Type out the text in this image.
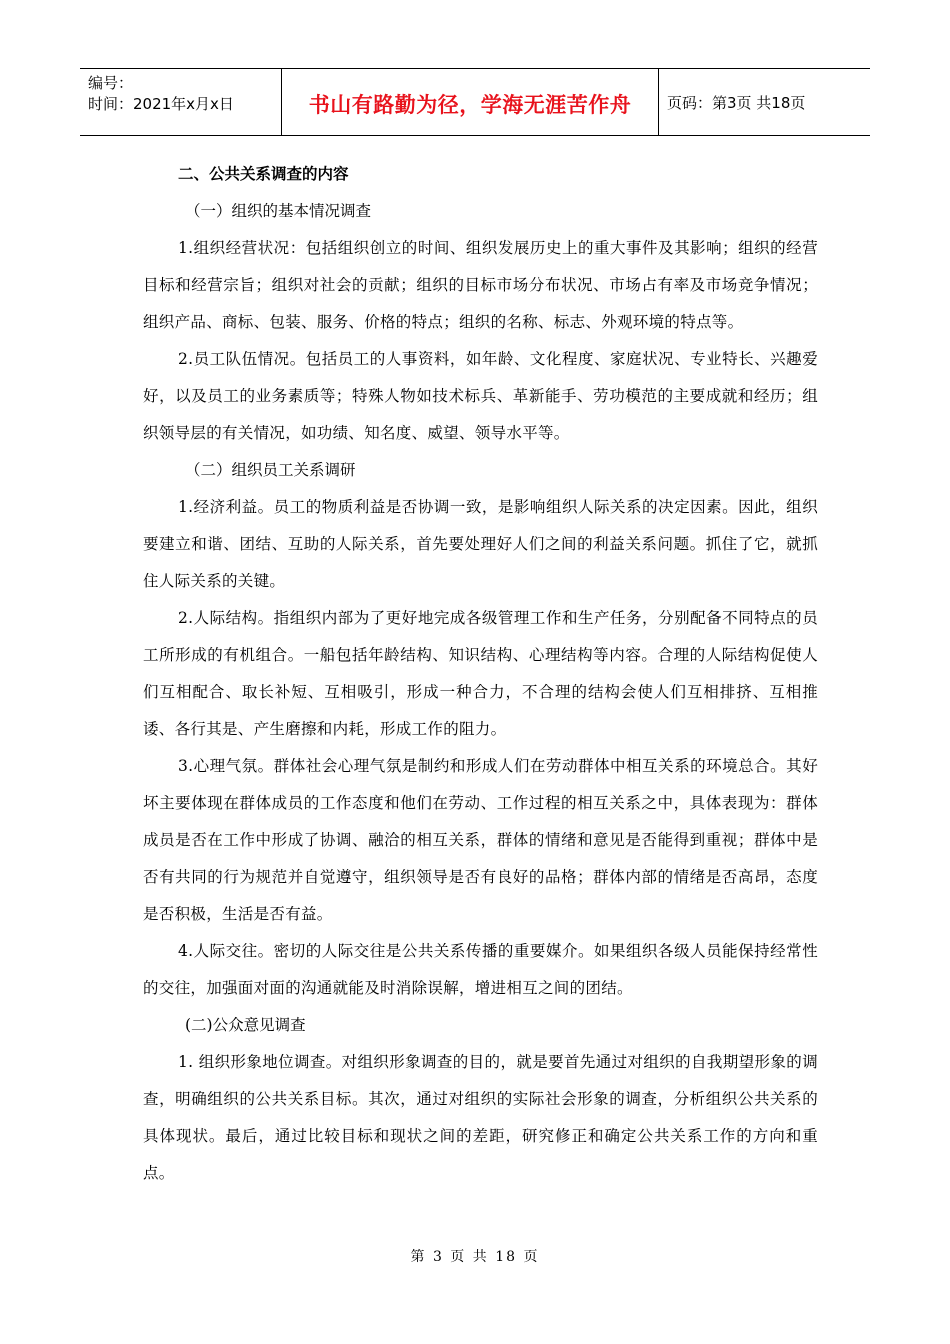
编号：
时间：2021年x月x日	书山有路勤为径，学海无涯苦作舟 页码：第3页 共18页
二、公共关系调查的内容
（一）组织的基本情况调查
1.组织经营状况：包括组织创立的时间、组织发展历史上的重大事件及其影响；组织的经营目标和经营宗旨；组织对社会的贡献；组织的目标市场分布状况、市场占有率及市场竞争情况；组织产品、商标、包装、服务、价格的特点；组织的名称、标志、外观环境的特点等。
2.员工队伍情况。包括员工的人事资料，如年龄、文化程度、家庭状况、专业特长、兴趣爱好，以及员工的业务素质等；特殊人物如技术标兵、革新能手、劳功模范的主要成就和经历；组织领导层的有关情况，如功绩、知名度、威望、领导水平等。
（二）组织员工关系调研
1.经济利益。员工的物质利益是否协调一致，是影响组织人际关系的决定因素。因此，组织要建立和谐、团结、互助的人际关系，首先要处理好人们之间的利益关系问题。抓住了它，就抓住人际关系的关键。
2.人际结构。指组织内部为了更好地完成各级管理工作和生产任务，分别配备不同特点的员工所形成的有机组合。一船包括年龄结构、知识结构、心理结构等内容。合理的人际结构促使人们互相配合、取长补短、互相吸引，形成一种合力，不合理的结构会使人们互相排挤、互相推诿、各行其是、产生磨擦和内耗，形成工作的阻力。
3.心理气氛。群体社会心理气氛是制约和形成人们在劳动群体中相互关系的环境总合。其好坏主要体现在群体成员的工作态度和他们在劳动、工作过程的相互关系之中，具体表现为：群体成员是否在工作中形成了协调、融洽的相互关系，群体的情绪和意见是否能得到重视；群体中是否有共同的行为规范并自觉遵守，组织领导是否有良好的品格；群体内部的情绪是否高昂，态度是否积极，生活是否有益。
4.人际交往。密切的人际交往是公共关系传播的重要媒介。如果组织各级人员能保持经常性的交往，加强面对面的沟通就能及时消除误解，增进相互之间的团结。
(二)公众意见调查
1. 组织形象地位调查。对组织形象调查的目的，就是要首先通过对组织的自我期望形象的调查，明确组织的公共关系目标。其次，通过对组织的实际社会形象的调查，分析组织公共关系的具体现状。最后，通过比较目标和现状之间的差距，研究修正和确定公共关系工作的方向和重点。
第 3 页 共 18 页
